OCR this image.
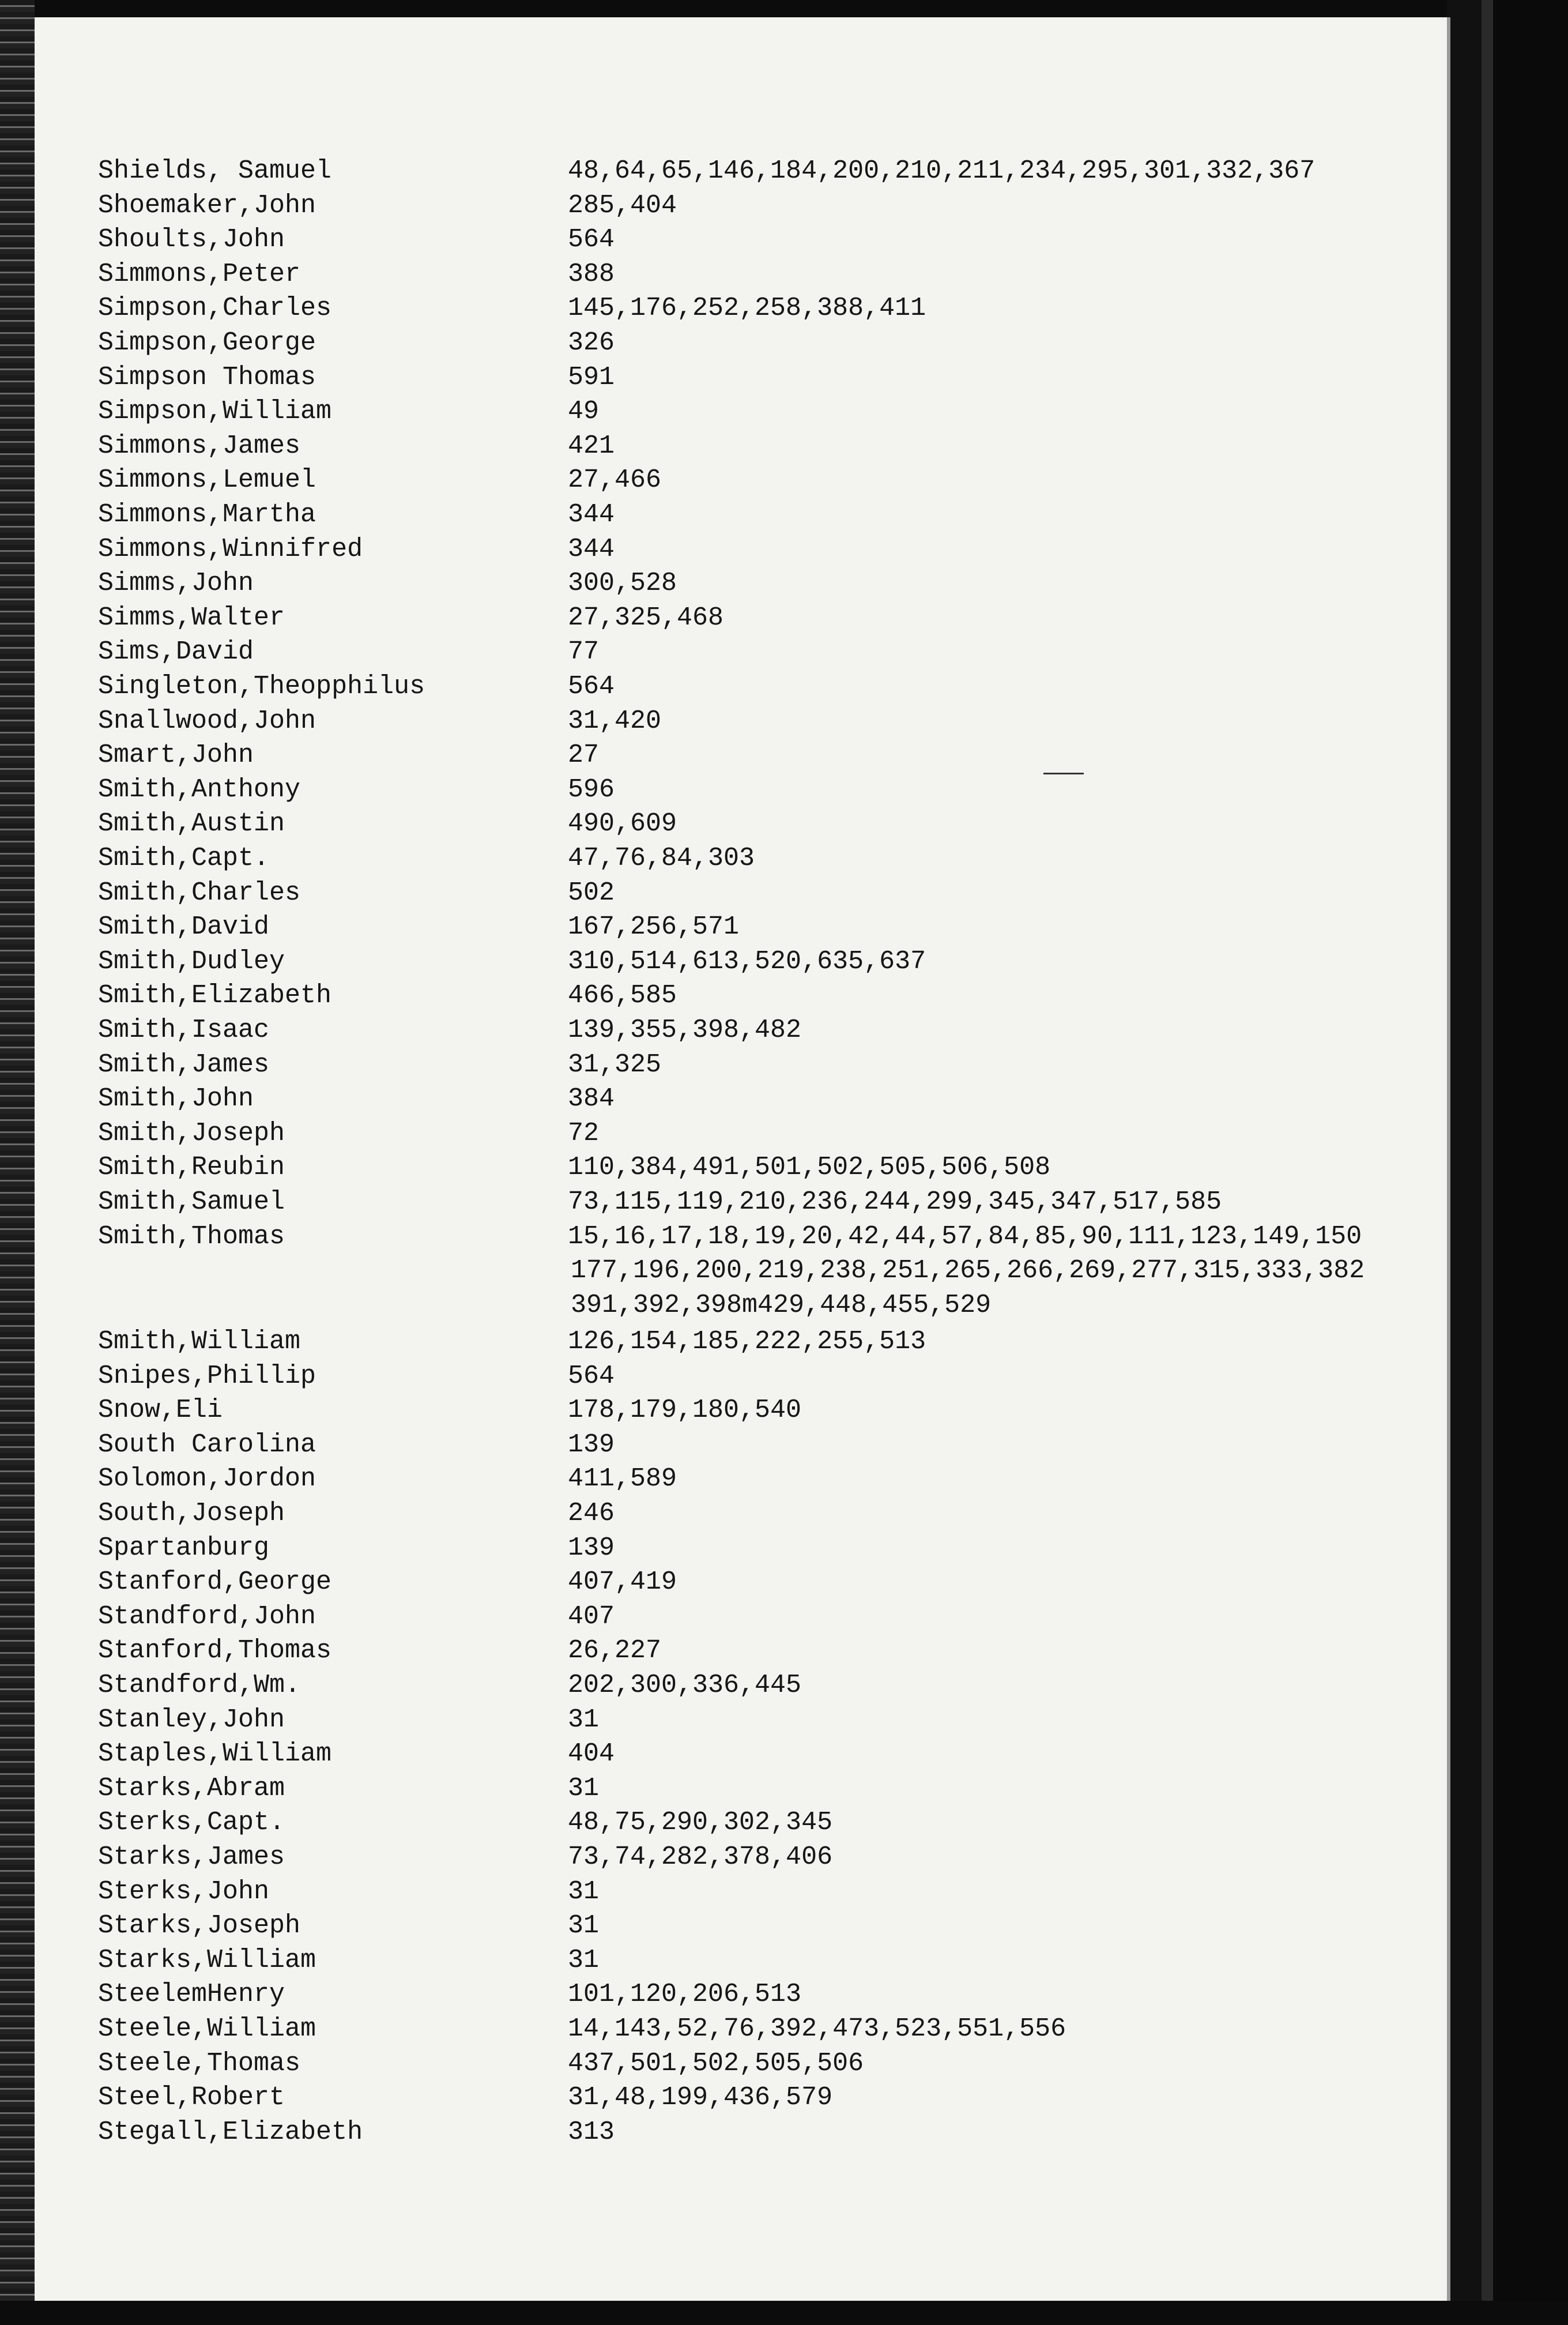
Shields, Samuel	48,64,65,146,184,200,210,211,234,295,301,332,367
Shoemaker,John	285,404
Shoults,John	564
Simmons,Peter	388
Simpson,Charles	145,176,252,258,388,411
Simpson,George	326
Simpson Thomas	591
Simpson,William	49
Simmons,James	421
Simmons,Lemuel	27,466
Simmons,Martha	344
Simmons,Winnifred	344
Simms,John	300,528
Simms,Walter	27,325,468
Sims,David	77
Singleton,Theopphilus	564
Snallwood,John	31,420
Smart,John	27
Smith,Anthony	596
Smith,Austin	490,609
Smith,Capt.	47,76,84,303
Smith,Charles	502
Smith,David	167,256,571
Smith,Dudley	310,514,613,520,635,637
Smith,Elizabeth	466,585
Smith,Isaac	139,355,398,482
Smith,James	31,325
Smith,John	384
Smith,Joseph	72
Smith,Reubin	110,384,491,501,502,505,506,508
Smith,Samuel	73,115,119,210,236,244,299,345,347,517,585
Smith,Thomas	15,16,17,18,19,20,42,44,57,84,85,90,111,123,149,150
177,196,200,219,238,251,265,266,269,277,315,333,382
391,392,398m429,448,455,529
Smith,William	126,154,185,222,255,513
Snipes,Phillip	564
Snow,Eli	178,179,180,540
South Carolina	139
Solomon,Jordon	411,589
South,Joseph	246
Spartanburg	139
Stanford,George	407,419
Standford,John	407
Stanford,Thomas	26,227
Standford,Wm.	202,300,336,445
Stanley,John	31
Staples,William	404
Starks,Abram	31
Sterks,Capt.	48,75,290,302,345
Starks,James	73,74,282,378,406
Sterks,John	31
Starks,Joseph	31
Starks,William	31
SteelemHenry	101,120,206,513
Steele,William	14,143,52,76,392,473,523,551,556
Steele,Thomas	437,501,502,505,506
Steel,Robert	31,48,199,436,579
Stegall,Elizabeth	313
